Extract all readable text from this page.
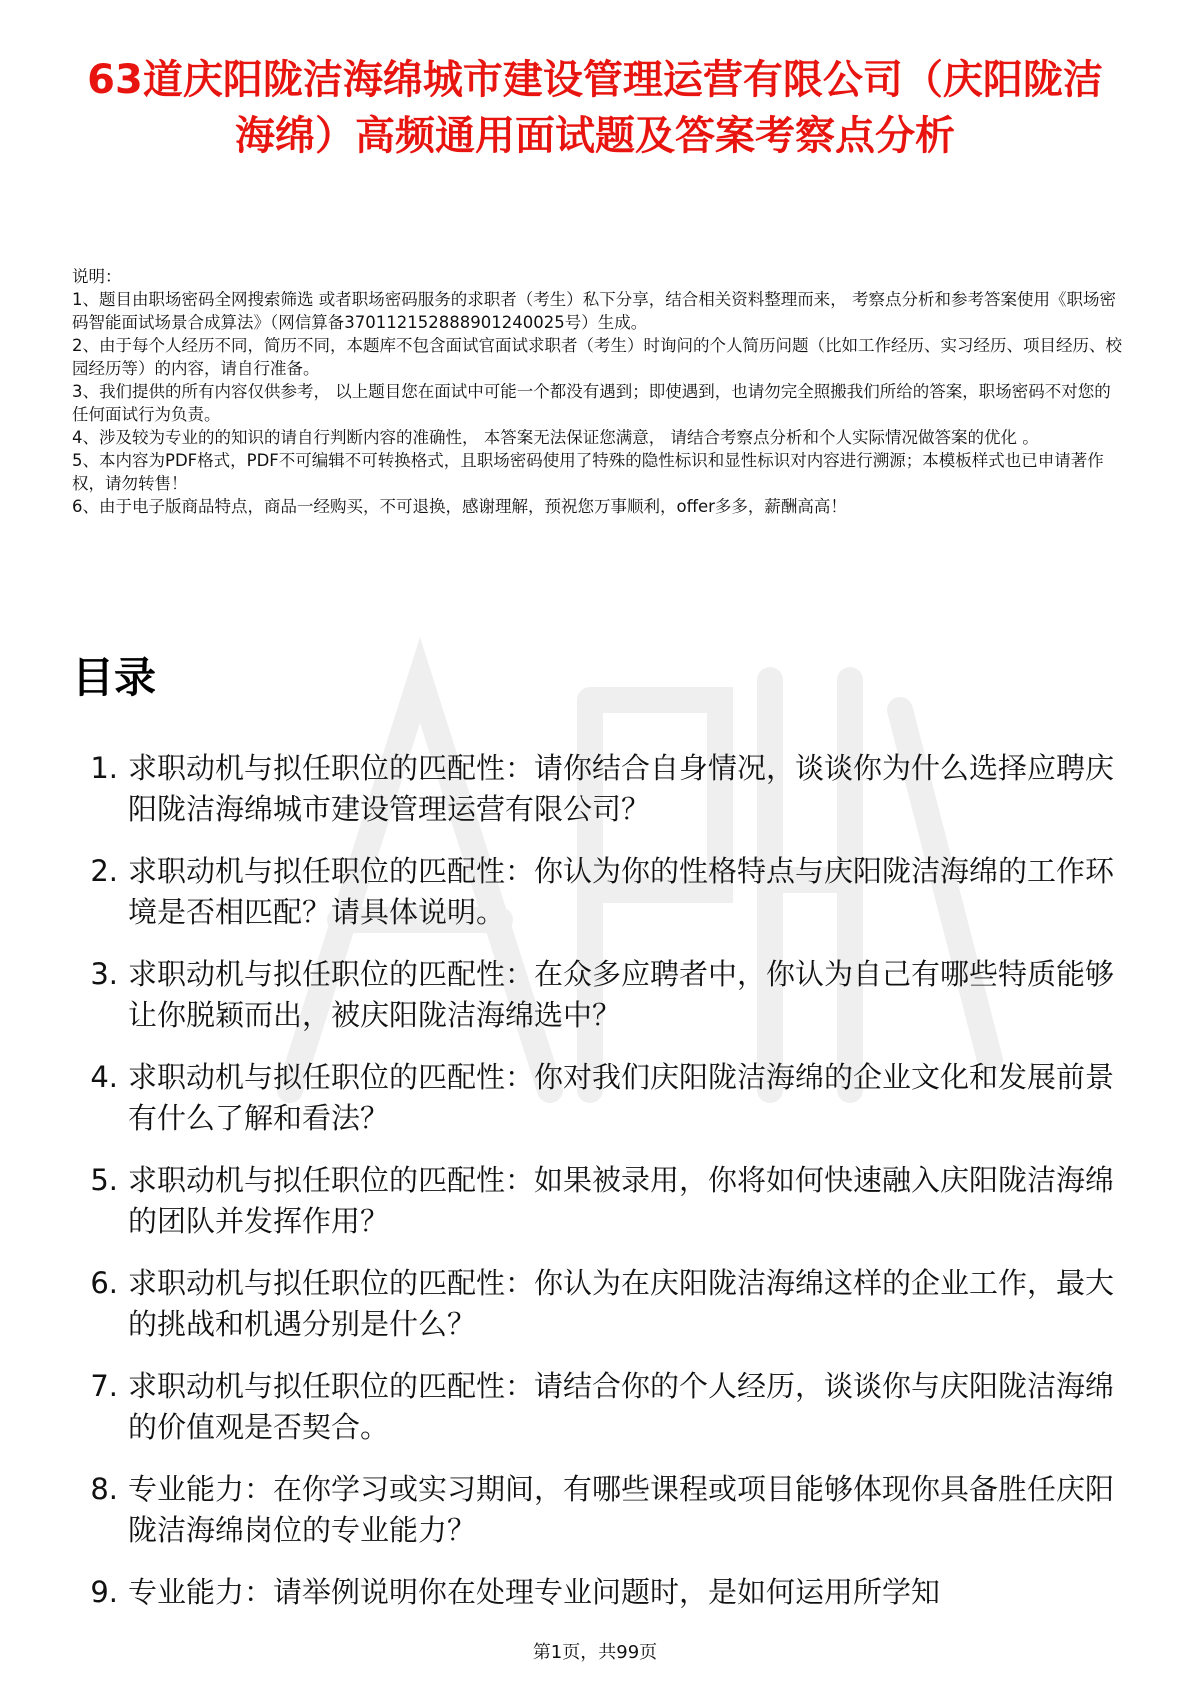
63道庆阳陇洁海绵城市建设管理运营有限公司（庆阳陇洁海绵）高频通用面试题及答案考察点分析

说明：

1、题目由职场密码全网搜索筛选 或者职场密码服务的求职者（考生）私下分享，结合相关资料整理而来， 考察点分析和参考答案使用《职场密码智能面试场景合成算法》（网信算备370112152888901240025号）生成。

2、由于每个人经历不同，简历不同，本题库不包含面试官面试求职者（考生）时询问的个人简历问题（比如工作经历、实习经历、项目经历、校园经历等）的内容，请自行准备。

3、我们提供的所有内容仅供参考， 以上题目您在面试中可能一个都没有遇到；即使遇到，也请勿完全照搬我们所给的答案，职场密码不对您的任何面试行为负责。

4、涉及较为专业的的知识的请自行判断内容的准确性， 本答案无法保证您满意， 请结合考察点分析和个人实际情况做答案的优化 。

5、本内容为PDF格式，PDF不可编辑不可转换格式，且职场密码使用了特殊的隐性标识和显性标识对内容进行溯源；本模板样式也已申请著作权，请勿转售！

6、由于电子版商品特点，商品一经购买，不可退换，感谢理解，预祝您万事顺利，offer多多，薪酬高高！

目录
1. 求职动机与拟任职位的匹配性：请你结合自身情况，谈谈你为什么选择应聘庆阳陇洁海绵城市建设管理运营有限公司？
2. 求职动机与拟任职位的匹配性：你认为你的性格特点与庆阳陇洁海绵的工作环境是否相匹配？请具体说明。
3. 求职动机与拟任职位的匹配性：在众多应聘者中，你认为自己有哪些特质能够让你脱颖而出，被庆阳陇洁海绵选中？
4. 求职动机与拟任职位的匹配性：你对我们庆阳陇洁海绵的企业文化和发展前景有什么了解和看法？
5. 求职动机与拟任职位的匹配性：如果被录用，你将如何快速融入庆阳陇洁海绵的团队并发挥作用？
6. 求职动机与拟任职位的匹配性：你认为在庆阳陇洁海绵这样的企业工作，最大的挑战和机遇分别是什么？
7. 求职动机与拟任职位的匹配性：请结合你的个人经历，谈谈你与庆阳陇洁海绵的价值观是否契合。
8. 专业能力：在你学习或实习期间，有哪些课程或项目能够体现你具备胜任庆阳陇洁海绵岗位的专业能力？
9. 专业能力：请举例说明你在处理专业问题时，是如何运用所学知
第1页，共99页
